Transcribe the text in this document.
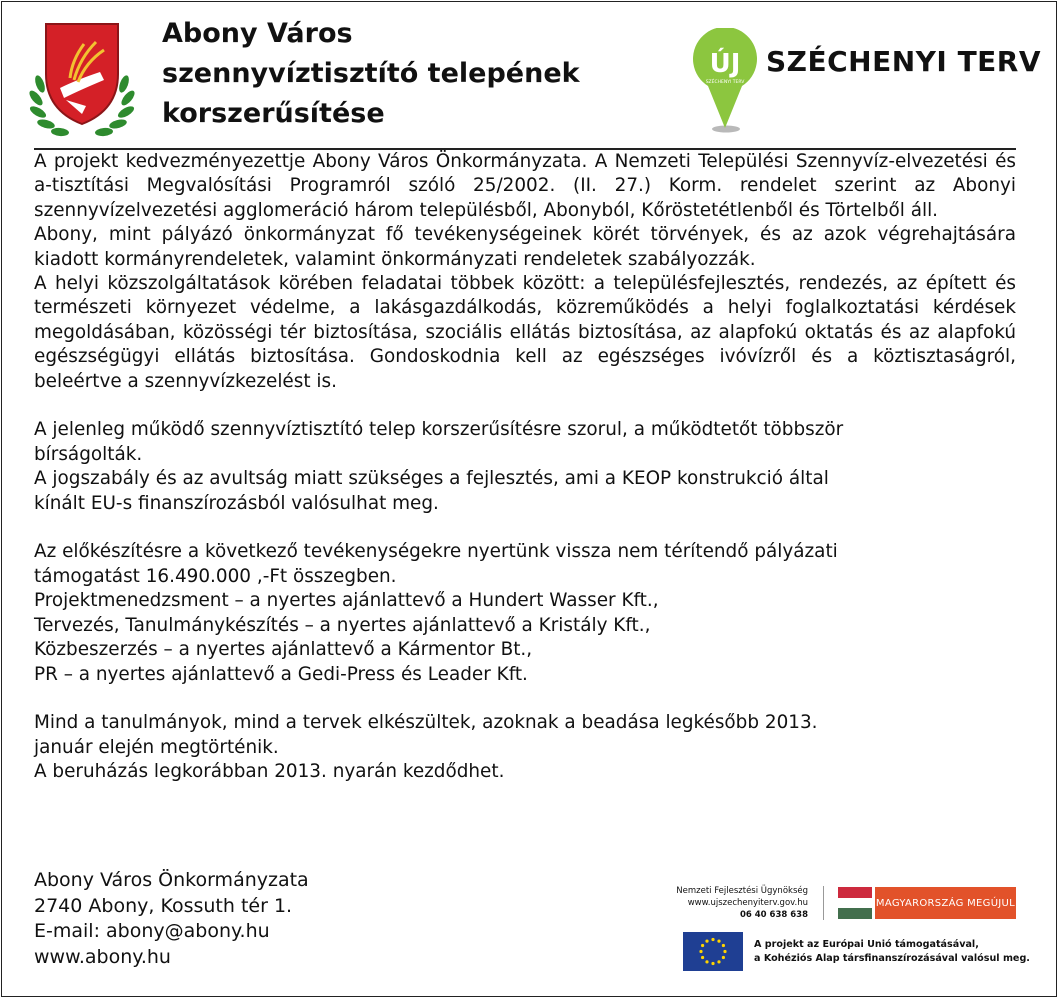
Abony Város
szennyvíztisztító telepének
korszerűsítése
ÚJ
SZÉCHENYI TERV
SZÉCHENYI TERV

A projekt kedvezményezettje Abony Város Önkormányzata. A Nemzeti Települési Szennyvíz-elvezetési és a-tisztítási Megvalósítási Programról szóló 25/2002. (II. 27.) Korm. rendelet szerint az Abonyi szennyvízelvezetési agglomeráció három településből, Abonyból, Kőröstetétlenből és Törtelből áll.

Abony, mint pályázó önkormányzat fő tevékenységeinek körét törvények, és az azok végrehajtására kiadott kormányrendeletek, valamint önkormányzati rendeletek szabályozzák.

A helyi közszolgáltatások körében feladatai többek között: a településfejlesztés, rendezés, az épített és természeti környezet védelme, a lakásgazdálkodás, közreműködés a helyi foglalkoztatási kérdések megoldásában, közösségi tér biztosítása, szociális ellátás biztosítása, az alapfokú oktatás és az alapfokú egészségügyi ellátás biztosítása. Gondoskodnia kell az egészséges ivóvízről és a köztisztaságról, beleértve a szennyvízkezelést is.

A jelenleg működő szennyvíztisztító telep korszerűsítésre szorul, a működtetőt többször

bírságolták.

A jogszabály és az avultság miatt szükséges a fejlesztés, ami a KEOP konstrukció által

kínált EU-s finanszírozásból valósulhat meg.

Az előkészítésre a következő tevékenységekre nyertünk vissza nem térítendő pályázati

támogatást 16.490.000 ,-Ft összegben.

Projektmenedzsment – a nyertes ajánlattevő a Hundert Wasser Kft.,

Tervezés, Tanulmánykészítés – a nyertes ajánlattevő a Kristály Kft.,

Közbeszerzés – a nyertes ajánlattevő a Kármentor Bt.,

PR – a nyertes ajánlattevő a Gedi-Press és Leader Kft.

Mind a tanulmányok, mind a tervek elkészültek, azoknak a beadása legkésőbb 2013.

január elején megtörténik.

A beruházás legkorábban 2013. nyarán kezdődhet.

Abony Város Önkormányzata
2740 Abony, Kossuth tér 1.
E-mail: abony@abony.hu
www.abony.hu
Nemzeti Fejlesztési Ügynökség
www.ujszechenyiterv.gov.hu
06 40 638 638
MAGYARORSZÁG MEGÚJUL
A projekt az Európai Unió támogatásával,
a Kohéziós Alap társfinanszírozásával valósul meg.
